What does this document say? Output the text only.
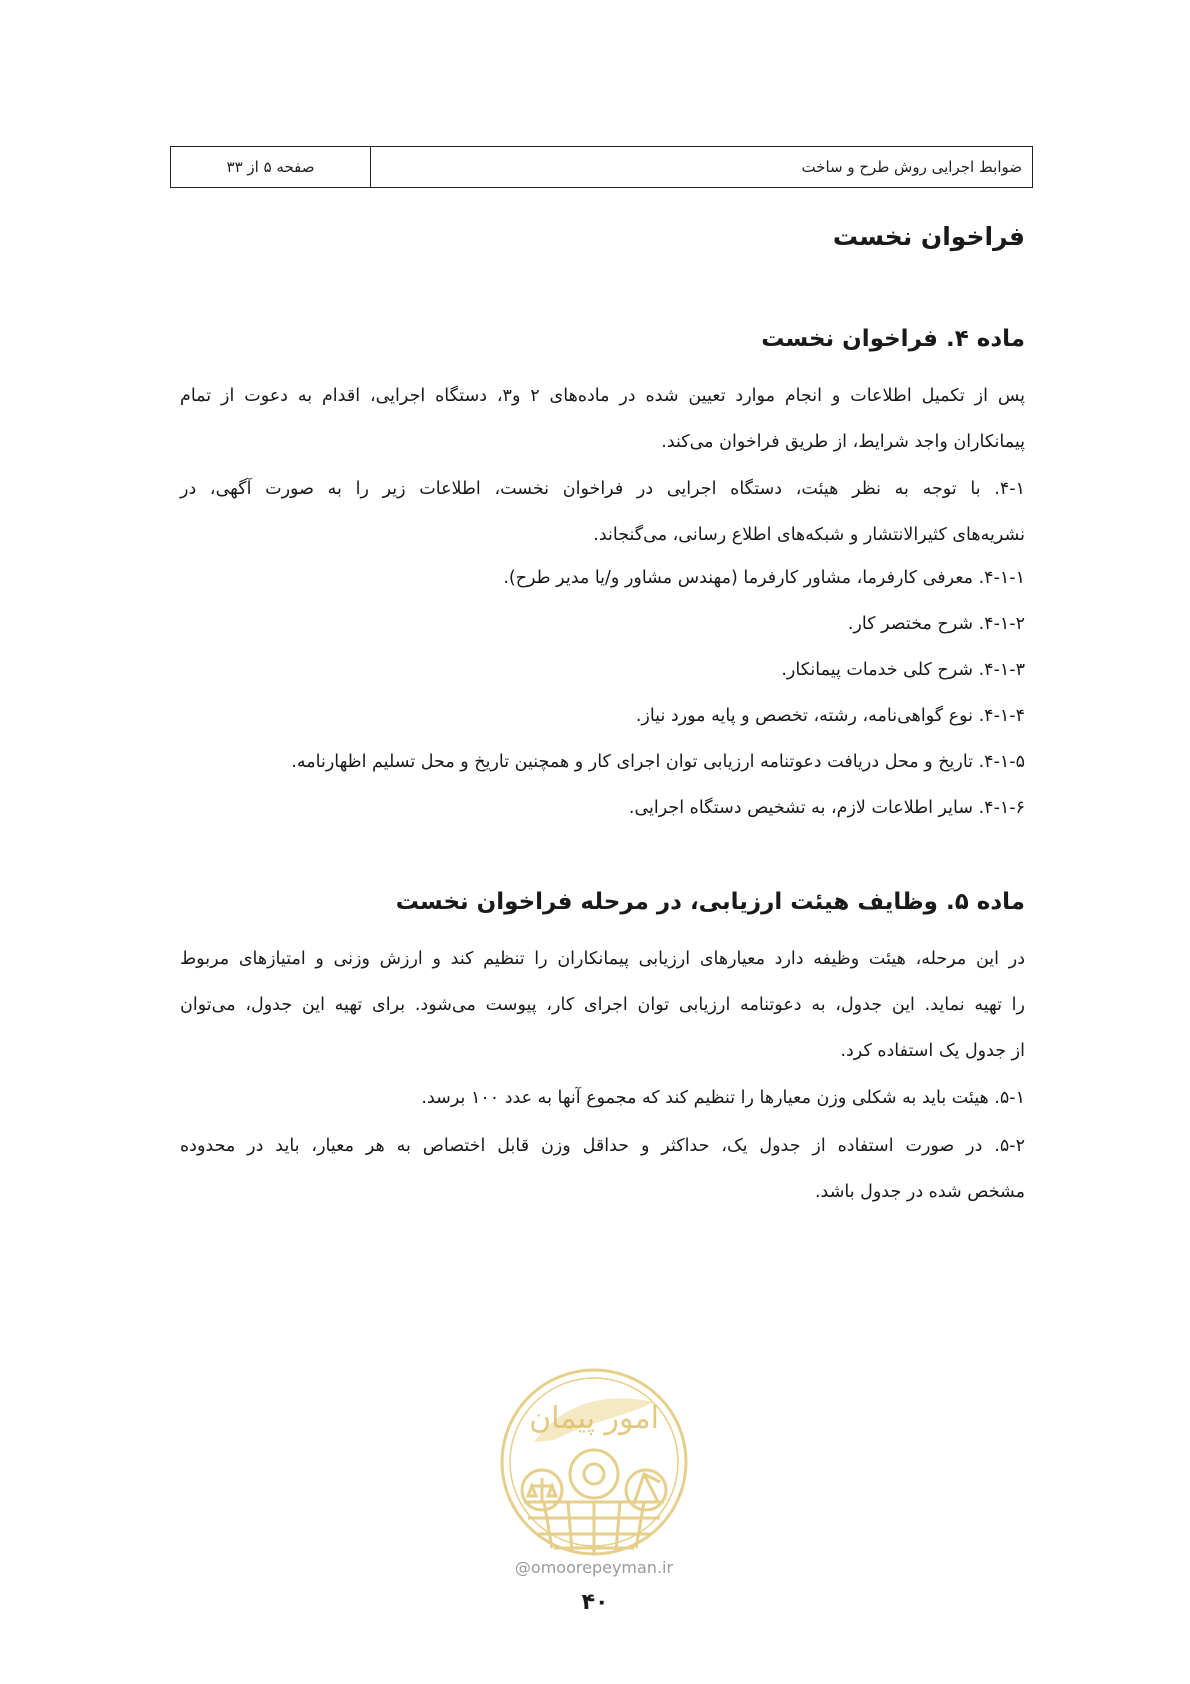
ضوابط اجرایی روش طرح و ساخت
صفحه ۵ از ۳۳
فراخوان نخست
ماده ۴. فراخوان نخست
پس از تکمیل اطلاعات و انجام موارد تعیین شده در ماده‌های ۲ و۳، دستگاه اجرایی، اقدام به دعوت از تمام
پیمانکاران واجد شرایط، از طریق فراخوان می‌کند.
۴-۱. با توجه به نظر هیئت، دستگاه اجرایی در فراخوان نخست، اطلاعات زیر را به صورت آگهی، در
نشریه‌های کثیرالانتشار و شبکه‌های اطلاع رسانی، می‌گنجاند.
۴-۱-۱. معرفی کارفرما، مشاور کارفرما (مهندس مشاور و/یا مدیر طرح).
۴-۱-۲. شرح مختصر کار.
۴-۱-۳. شرح کلی خدمات پیمانکار.
۴-۱-۴. نوع گواهی‌نامه، رشته، تخصص و پایه مورد نیاز.
۴-۱-۵. تاریخ و محل دریافت دعوتنامه ارزیابی توان اجرای کار و همچنین تاریخ و محل تسلیم اظهارنامه.
۴-۱-۶. سایر اطلاعات لازم، به تشخیص دستگاه اجرایی.
ماده ۵. وظایف هیئت ارزیابی، در مرحله فراخوان نخست
در این مرحله، هیئت وظیفه دارد معیارهای ارزیابی پیمانکاران را تنظیم کند و ارزش وزنی و امتیازهای مربوط
را تهیه نماید. این جدول، به دعوتنامه ارزیابی توان اجرای کار، پیوست می‌شود. برای تهیه این جدول، می‌توان
از جدول یک استفاده کرد.
۵-۱. هیئت باید به شکلی وزن معیارها را تنظیم کند که مجموع آنها به عدد ۱۰۰ برسد.
۵-۲. در صورت استفاده از جدول یک، حداکثر و حداقل وزن قابل اختصاص به هر معیار، باید در محدوده
مشخص شده در جدول باشد.
امور پیمان
@omoorepeyman.ir
۴۰
